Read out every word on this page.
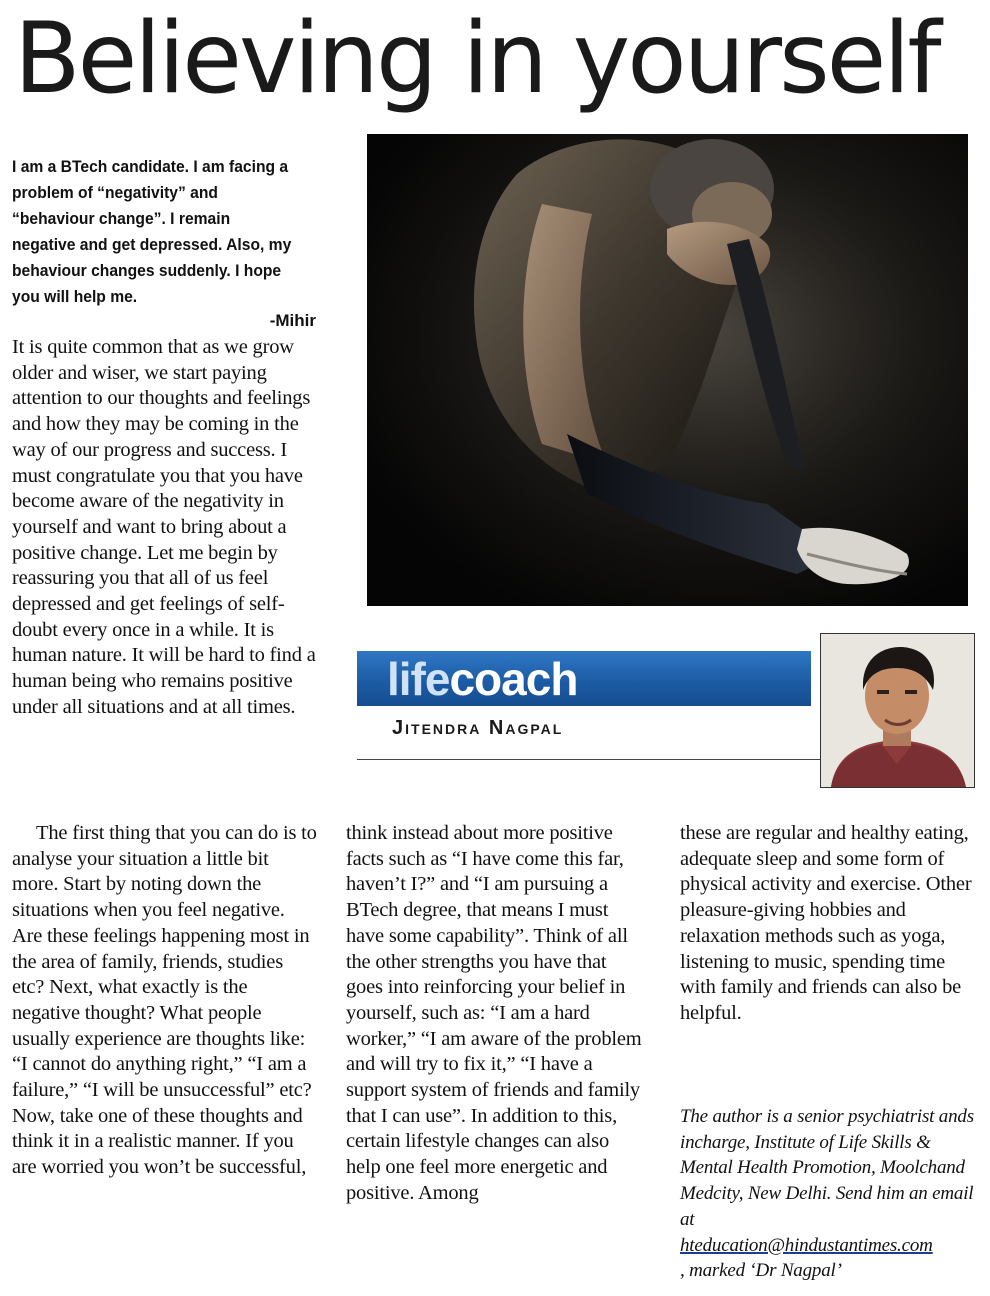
Believing in yourself

I am a BTech candidate. I am facing a problem of “negativity” and “behaviour change”. I remain negative and get depressed. Also, my behaviour changes suddenly. I hope you will help me.

-Mihir

It is quite common that as we grow older and wiser, we start paying attention to our thoughts and feelings and how they may be coming in the way of our progress and success. I must congratulate you that you have become aware of the negativity in yourself and want to bring about a positive change. Let me begin by reassuring you that all of us feel depressed and get feelings of self-doubt every once in a while. It is human nature. It will be hard to find a human being who remains positive under all situations and at all times.

lifecoach
Jitendra Nagpal

The first thing that you can do is to analyse your situation a little bit more. Start by noting down the situations when you feel negative. Are these feelings happening most in the area of family, friends, studies etc? Next, what exactly is the negative thought? What people usually experience are thoughts like: “I cannot do anything right,” “I am a failure,” “I will be unsuccessful” etc? Now, take one of these thoughts and think it in a realistic manner. If you are worried you won’t be successful,

think instead about more positive facts such as “I have come this far, haven’t I?” and “I am pursuing a BTech degree, that means I must have some capability”. Think of all the other strengths you have that goes into reinforcing your belief in yourself, such as: “I am a hard worker,” “I am aware of the problem and will try to fix it,” “I have a support system of friends and family that I can use”. In addition to this, certain lifestyle changes can also help one feel more energetic and positive. Among

these are regular and healthy eating, adequate sleep and some form of physical activity and exercise. Other pleasure-giving hobbies and relaxation methods such as yoga, listening to music, spending time with family and friends can also be helpful.

The author is a senior psychiatrist ands incharge, Institute of Life Skills & Mental Health Promotion, Moolchand Medcity, New Delhi. Send him an email at
hteducation@hindustantimes.com
, marked ‘Dr Nagpal’
